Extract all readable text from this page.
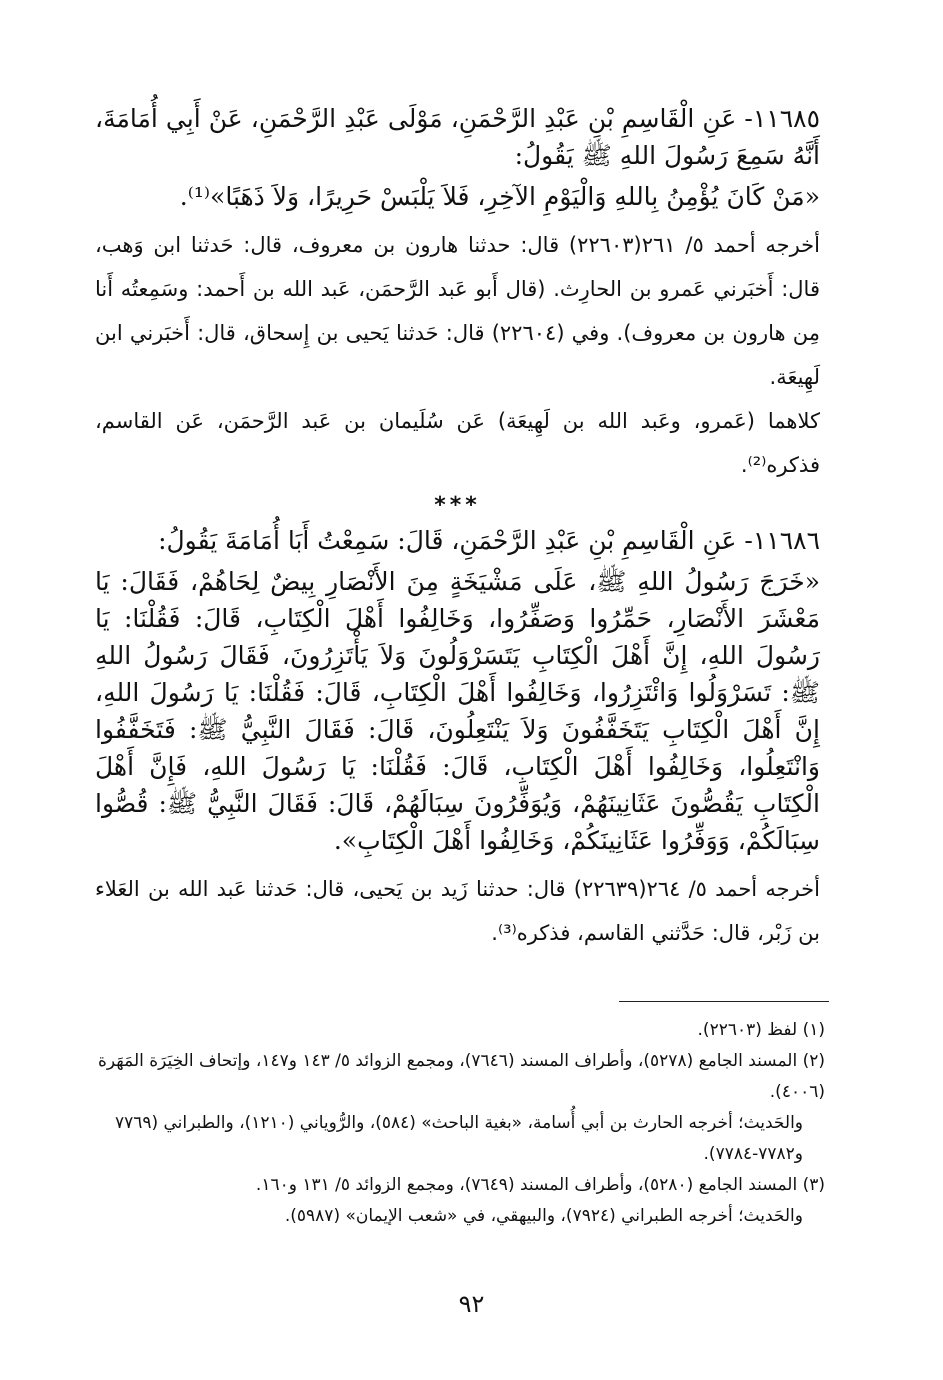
١١٦٨٥- عَنِ الْقَاسِمِ بْنِ عَبْدِ الرَّحْمَنِ، مَوْلَى عَبْدِ الرَّحْمَنِ، عَنْ أَبِي أُمَامَةَ، أَنَّهُ سَمِعَ رَسُولَ اللهِ ﷺ يَقُولُ:

«مَنْ كَانَ يُؤْمِنُ بِاللهِ وَالْيَوْمِ الآخِرِ، فَلاَ يَلْبَسْ حَرِيرًا، وَلاَ ذَهَبًا»⁽¹⁾.

أخرجه أحمد ٥/ ٢٦١(٢٢٦٠٣) قال: حدثنا هارون بن معروف، قال: حَدثنا ابن وَهب، قال: أَخبَرني عَمرو بن الحارِث. (قال أَبو عَبد الرَّحمَن، عَبد الله بن أَحمد: وسَمِعتُه أَنا مِن هارون بن معروف). وفي (٢٢٦٠٤) قال: حَدثنا يَحيى بن إِسحاق، قال: أَخبَرني ابن لَهِيعَة.

كلاهما (عَمرو، وعَبد الله بن لَهِيعَة) عَن سُلَيمان بن عَبد الرَّحمَن، عَن القاسم، فذكره⁽²⁾.

***

١١٦٨٦- عَنِ الْقَاسِمِ بْنِ عَبْدِ الرَّحْمَنِ، قَالَ: سَمِعْتُ أَبَا أُمَامَةَ يَقُولُ:

«خَرَجَ رَسُولُ اللهِ ﷺ، عَلَى مَشْيَخَةٍ مِنَ الأَنْصَارِ بِيضٌ لِحَاهُمْ، فَقَالَ: يَا مَعْشَرَ الأَنْصَارِ، حَمِّرُوا وَصَفِّرُوا، وَخَالِفُوا أَهْلَ الْكِتَابِ، قَالَ: فَقُلْنَا: يَا رَسُولَ اللهِ، إِنَّ أَهْلَ الْكِتَابِ يَتَسَرْوَلُونَ وَلاَ يَأْتَزِرُونَ، فَقَالَ رَسُولُ اللهِ ﷺ: تَسَرْوَلُوا وَائْتَزِرُوا، وَخَالِفُوا أَهْلَ الْكِتَابِ، قَالَ: فَقُلْنَا: يَا رَسُولَ اللهِ، إِنَّ أَهْلَ الْكِتَابِ يَتَخَفَّفُونَ وَلاَ يَنْتَعِلُونَ، قَالَ: فَقَالَ النَّبِيُّ ﷺ: فَتَخَفَّفُوا وَانْتَعِلُوا، وَخَالِفُوا أَهْلَ الْكِتَابِ، قَالَ: فَقُلْنَا: يَا رَسُولَ اللهِ، فَإِنَّ أَهْلَ الْكِتَابِ يَقُصُّونَ عَثَانِينَهُمْ، وَيُوَفِّرُونَ سِبَالَهُمْ، قَالَ: فَقَالَ النَّبِيُّ ﷺ: قُصُّوا سِبَالَكُمْ، وَوَفِّرُوا عَثَانِينَكُمْ، وَخَالِفُوا أَهْلَ الْكِتَابِ».

أخرجه أحمد ٥/ ٢٦٤(٢٢٦٣٩) قال: حدثنا زَيد بن يَحيى، قال: حَدثنا عَبد الله بن العَلاء بن زَبْر، قال: حَدَّثني القاسم، فذكره⁽³⁾.

(١) لفظ (٢٢٦٠٣).

(٢) المسند الجامع (٥٢٧٨)، وأطراف المسند (٧٦٤٦)، ومجمع الزوائد ٥/ ١٤٣ و١٤٧، وإتحاف الخِيَرَة المَهَرة (٤٠٠٦).

والحَديث؛ أخرجه الحارث بن أبي أُسامة، «بغية الباحث» (٥٨٤)، والرُّوياني (١٢١٠)، والطبراني (٧٧٦٩ و٧٧٨٢-٧٧٨٤).

(٣) المسند الجامع (٥٢٨٠)، وأطراف المسند (٧٦٤٩)، ومجمع الزوائد ٥/ ١٣١ و١٦٠.

والحَديث؛ أخرجه الطبراني (٧٩٢٤)، والبيهقي، في «شعب الإيمان» (٥٩٨٧).

٩٢
